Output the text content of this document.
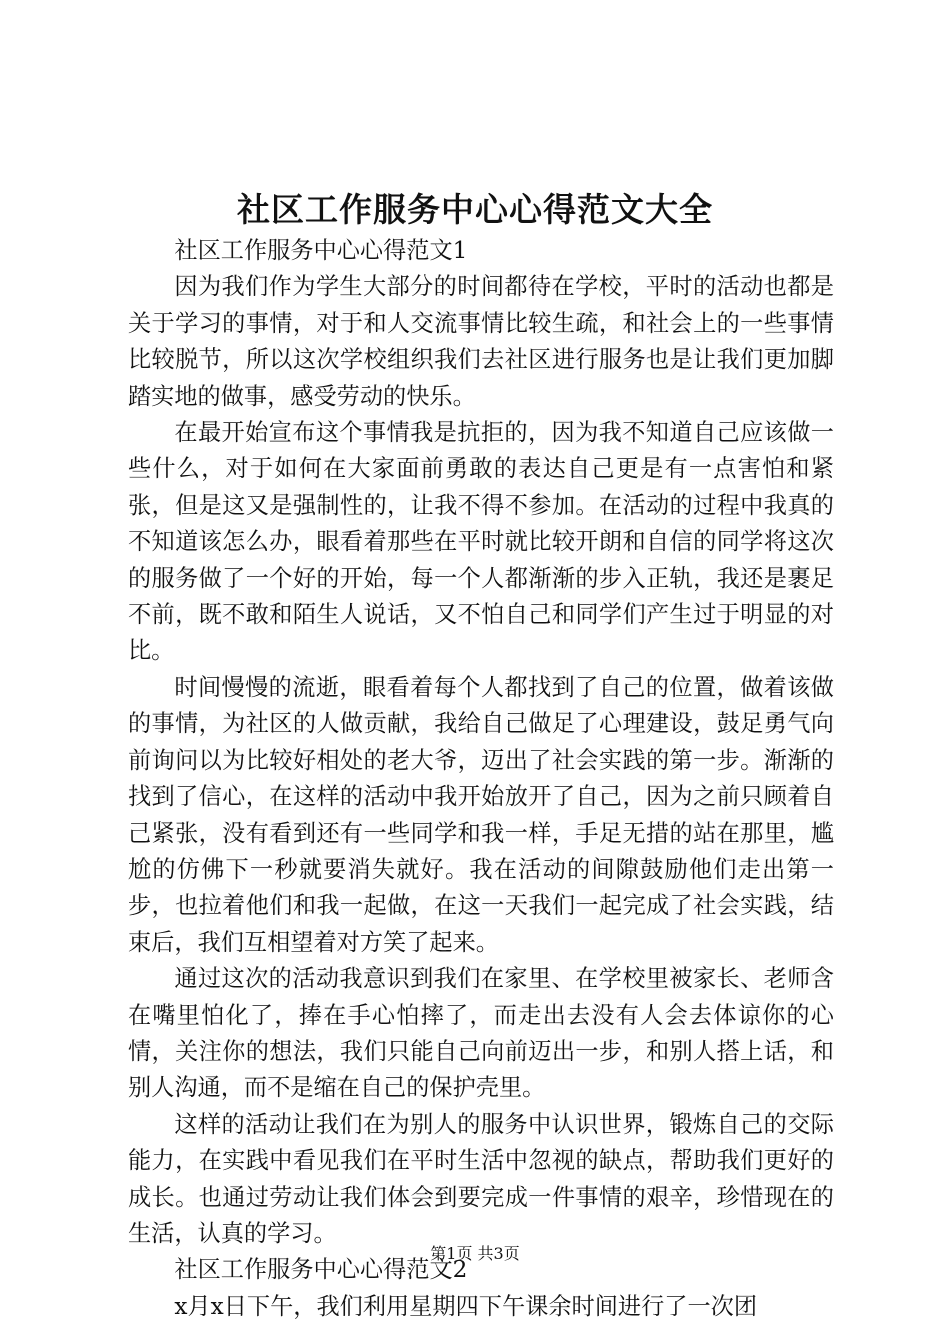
社区工作服务中心心得范文大全

社区工作服务中心心得范文1

因为我们作为学生大部分的时间都待在学校，平时的活动也都是关于学习的事情，对于和人交流事情比较生疏，和社会上的一些事情比较脱节，所以这次学校组织我们去社区进行服务也是让我们更加脚踏实地的做事，感受劳动的快乐。

在最开始宣布这个事情我是抗拒的，因为我不知道自己应该做一些什么，对于如何在大家面前勇敢的表达自己更是有一点害怕和紧张，但是这又是强制性的，让我不得不参加。在活动的过程中我真的不知道该怎么办，眼看着那些在平时就比较开朗和自信的同学将这次的服务做了一个好的开始，每一个人都渐渐的步入正轨，我还是裹足不前，既不敢和陌生人说话，又不怕自己和同学们产生过于明显的对比。

时间慢慢的流逝，眼看着每个人都找到了自己的位置，做着该做的事情，为社区的人做贡献，我给自己做足了心理建设，鼓足勇气向前询问以为比较好相处的老大爷，迈出了社会实践的第一步。渐渐的找到了信心，在这样的活动中我开始放开了自己，因为之前只顾着自己紧张，没有看到还有一些同学和我一样，手足无措的站在那里，尴尬的仿佛下一秒就要消失就好。我在活动的间隙鼓励他们走出第一步，也拉着他们和我一起做，在这一天我们一起完成了社会实践，结束后，我们互相望着对方笑了起来。

通过这次的活动我意识到我们在家里、在学校里被家长、老师含在嘴里怕化了，捧在手心怕摔了，而走出去没有人会去体谅你的心情，关注你的想法，我们只能自己向前迈出一步，和别人搭上话，和别人沟通，而不是缩在自己的保护壳里。

这样的活动让我们在为别人的服务中认识世界，锻炼自己的交际能力，在实践中看见我们在平时生活中忽视的缺点，帮助我们更好的成长。也通过劳动让我们体会到要完成一件事情的艰辛，珍惜现在的生活，认真的学习。

社区工作服务中心心得范文2

x月x日下午，我们利用星期四下午课余时间进行了一次团

第1页 共3页
